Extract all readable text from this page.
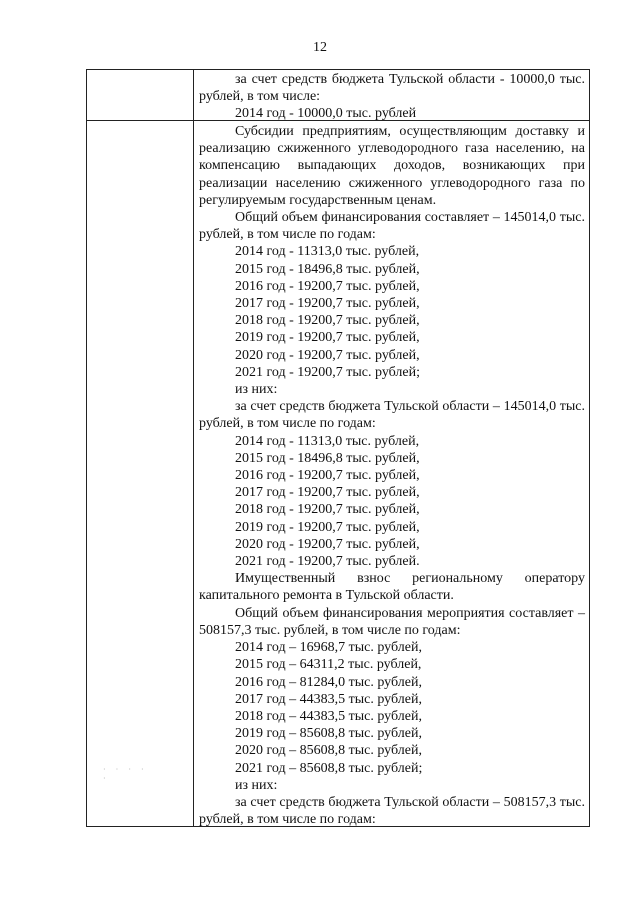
12
· · · · ·

за счет средств бюджета Тульской области - 10000,0 тыс. рублей, в том числе:

2014 год - 10000,0 тыс. рублей

Субсидии предприятиям, осуществляющим доставку и реализацию сжиженного углеводородного газа населению, на компенсацию выпадающих доходов, возникающих при реализации населению сжиженного углеводородного газа по регулируемым государственным ценам.

Общий объем финансирования составляет – 145014,0 тыс. рублей, в том числе по годам:

2014 год - 11313,0 тыс. рублей,

2015 год - 18496,8 тыс. рублей,

2016 год - 19200,7 тыс. рублей,

2017 год - 19200,7 тыс. рублей,

2018 год - 19200,7 тыс. рублей,

2019 год - 19200,7 тыс. рублей,

2020 год - 19200,7 тыс. рублей,

2021 год - 19200,7 тыс. рублей;

из них:

за счет средств бюджета Тульской области – 145014,0 тыс. рублей, в том числе по годам:

2014 год - 11313,0 тыс. рублей,

2015 год - 18496,8 тыс. рублей,

2016 год - 19200,7 тыс. рублей,

2017 год - 19200,7 тыс. рублей,

2018 год - 19200,7 тыс. рублей,

2019 год - 19200,7 тыс. рублей,

2020 год - 19200,7 тыс. рублей,

2021 год - 19200,7 тыс. рублей.

Имущественный взнос региональному оператору капитального ремонта в Тульской области.

Общий объем финансирования мероприятия составляет – 508157,3 тыс. рублей, в том числе по годам:

2014 год – 16968,7 тыс. рублей,

2015 год – 64311,2 тыс. рублей,

2016 год – 81284,0 тыс. рублей,

2017 год – 44383,5 тыс. рублей,

2018 год – 44383,5 тыс. рублей,

2019 год – 85608,8 тыс. рублей,

2020 год – 85608,8 тыс. рублей,

2021 год – 85608,8 тыс. рублей;

из них:

за счет средств бюджета Тульской области – 508157,3 тыс. рублей, в том числе по годам:
